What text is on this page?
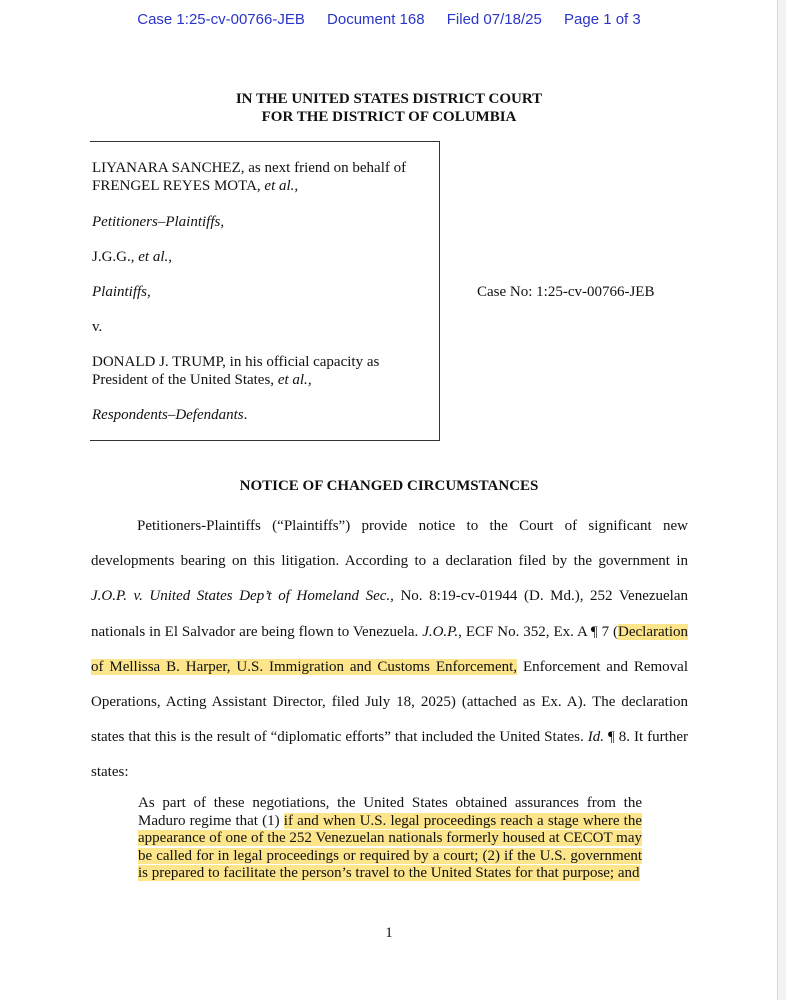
Case 1:25-cv-00766-JEB Document 168 Filed 07/18/25 Page 1 of 3
IN THE UNITED STATES DISTRICT COURT
FOR THE DISTRICT OF COLUMBIA

LIYANARA SANCHEZ, as next friend on behalf of
FRENGEL REYES MOTA, et al.,

Petitioners–Plaintiffs,

J.G.G., et al.,

Plaintiffs,

v.

DONALD J. TRUMP, in his official capacity as
President of the United States, et al.,

Respondents–Defendants.

Case No: 1:25-cv-00766-JEB
NOTICE OF CHANGED CIRCUMSTANCES

Petitioners-Plaintiffs (“Plaintiffs”) provide notice to the Court of significant new developments bearing on this litigation. According to a declaration filed by the government in J.O.P. v. United States Dep’t of Homeland Sec., No. 8:19-cv-01944 (D. Md.), 252 Venezuelan nationals in El Salvador are being flown to Venezuela. J.O.P., ECF No. 352, Ex. A ¶ 7 (Declaration of Mellissa B. Harper, U.S. Immigration and Customs Enforcement, Enforcement and Removal Operations, Acting Assistant Director, filed July 18, 2025) (attached as Ex. A). The declaration states that this is the result of “diplomatic efforts” that included the United States. Id. ¶ 8. It further states:

As part of these negotiations, the United States obtained assurances from the Maduro regime that (1) if and when U.S. legal proceedings reach a stage where the appearance of one of the 252 Venezuelan nationals formerly housed at CECOT may be called for in legal proceedings or required by a court; (2) if the U.S. government is prepared to facilitate the person’s travel to the United States for that purpose; and

1
